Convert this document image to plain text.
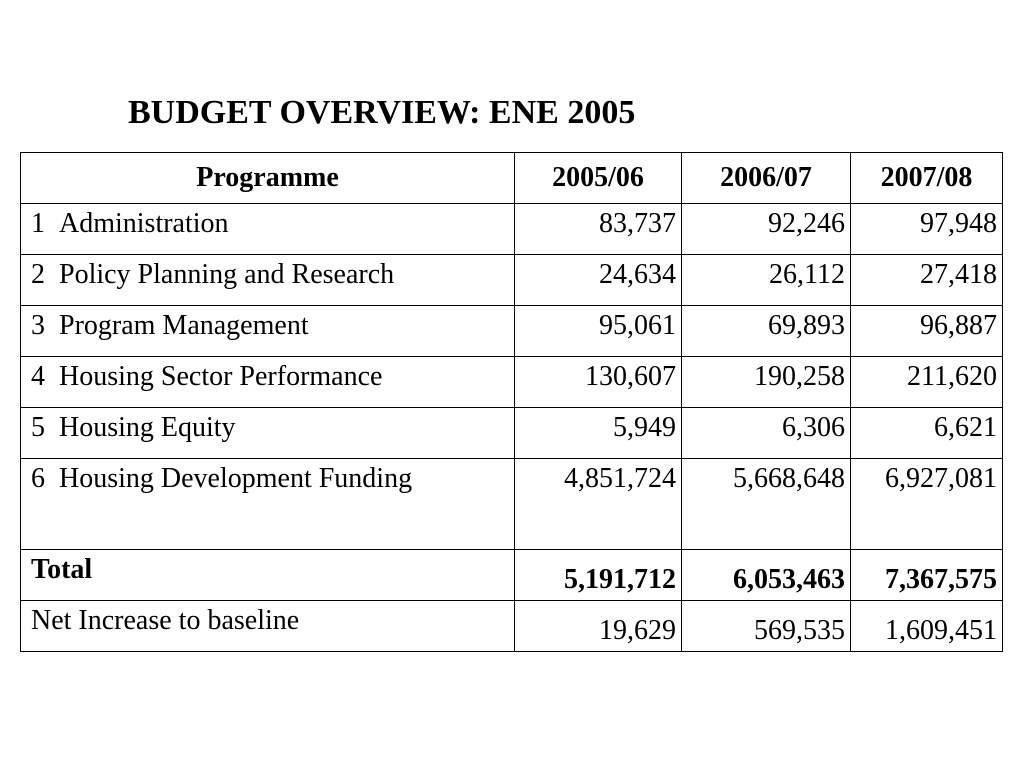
BUDGET OVERVIEW: ENE 2005
Programme	2005/06	2006/07	2007/08
1 Administration	83,737	92,246	97,948
2 Policy Planning and Research	24,634	26,112	27,418
3 Program Management	95,061	69,893	96,887
4 Housing Sector Performance	130,607	190,258	211,620
5 Housing Equity	5,949	6,306	6,621
6 Housing Development Funding	4,851,724	5,668,648	6,927,081
Total	5,191,712	6,053,463	7,367,575
Net Increase to baseline	19,629	569,535	1,609,451
